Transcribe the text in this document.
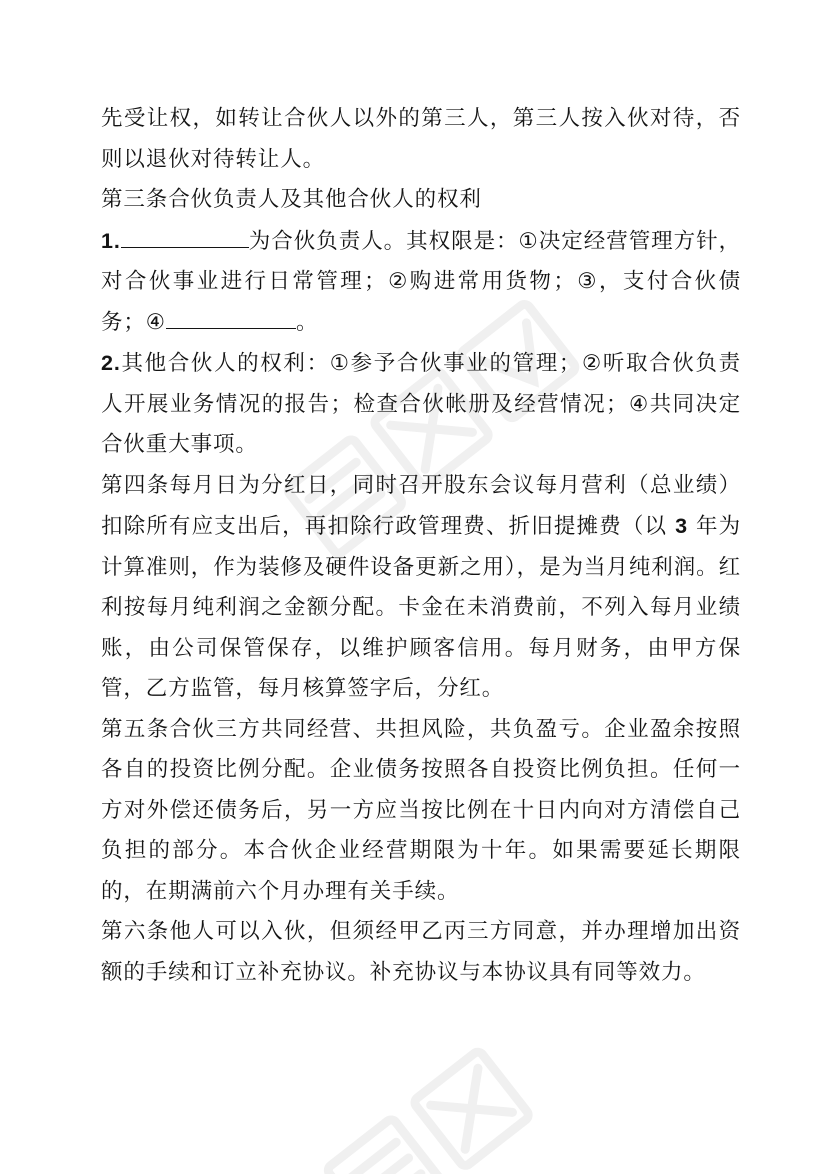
先受让权，如转让合伙人以外的第三人，第三人按入伙对待，否则以退伙对待转让人。

第三条合伙负责人及其他合伙人的权利

1.	为合伙负责人。其权限是：①决定经营管理方针，对合伙事业进行日常管理；②购进常用货物；③，支付合伙债务；④	。

2.其他合伙人的权利：①参予合伙事业的管理；②听取合伙负责人开展业务情况的报告；检查合伙帐册及经营情况；④共同决定合伙重大事项。

第四条每月日为分红日，同时召开股东会议每月营利（总业绩）扣除所有应支出后，再扣除行政管理费、折旧提摊费（以 3 年为计算准则，作为装修及硬件设备更新之用），是为当月纯利润。红利按每月纯利润之金额分配。卡金在未消费前，不列入每月业绩账，由公司保管保存，以维护顾客信用。每月财务，由甲方保管，乙方监管，每月核算签字后，分红。

第五条合伙三方共同经营、共担风险，共负盈亏。企业盈余按照各自的投资比例分配。企业债务按照各自投资比例负担。任何一方对外偿还债务后，另一方应当按比例在十日内向对方清偿自己负担的部分。本合伙企业经营期限为十年。如果需要延长期限的，在期满前六个月办理有关手续。

第六条他人可以入伙，但须经甲乙丙三方同意，并办理增加出资额的手续和订立补充协议。补充协议与本协议具有同等效力。
